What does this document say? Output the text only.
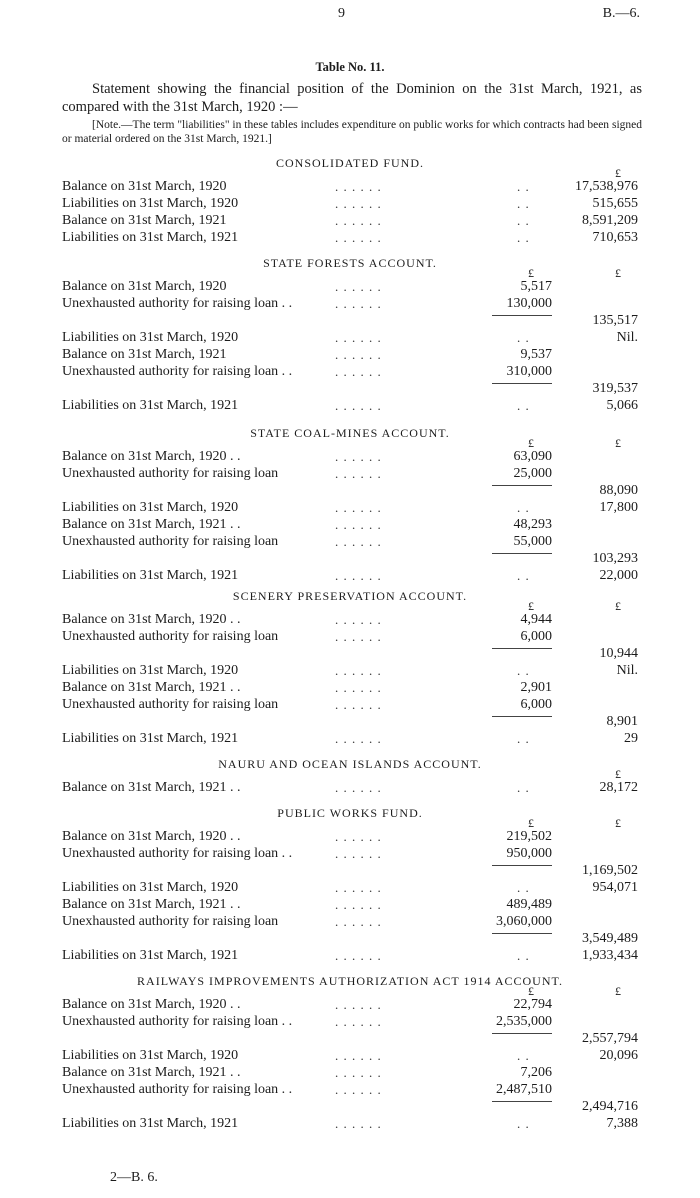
9	B.—6.
Table No. 11.
Statement showing the financial position of the Dominion on the 31st March, 1921, as compared with the 31st March, 1920 :—
[Note.—The term "liabilities" in these tables includes expenditure on public works for which contracts had been signed or material ordered on the 31st March, 1921.]
CONSOLIDATED FUND.
£
Balance on 31st March, 1920	. . . . . .	. .	17,538,976
Liabilities on 31st March, 1920	. . . . . .	. .	515,655
Balance on 31st March, 1921	. . . . . .	. .	8,591,209
Liabilities on 31st March, 1921	. . . . . .	. .	710,653
STATE FORESTS ACCOUNT.
£	£
Balance on 31st March, 1920	. . . . . .	5,517
Unexhausted authority for raising loan . .	. . . . . .	130,000
135,517
Liabilities on 31st March, 1920	. . . . . .	. .	Nil.
Balance on 31st March, 1921	. . . . . .	9,537
Unexhausted authority for raising loan . .	. . . . . .	310,000
319,537
Liabilities on 31st March, 1921	. . . . . .	. .	5,066
STATE COAL-MINES ACCOUNT.
£	£
Balance on 31st March, 1920 . .	. . . . . .	63,090
Unexhausted authority for raising loan	. . . . . .	25,000
88,090
Liabilities on 31st March, 1920	. . . . . .	. .	17,800
Balance on 31st March, 1921 . .	. . . . . .	48,293
Unexhausted authority for raising loan	. . . . . .	55,000
103,293
Liabilities on 31st March, 1921	. . . . . .	. .	22,000
SCENERY PRESERVATION ACCOUNT.
£	£
Balance on 31st March, 1920 . .	. . . . . .	4,944
Unexhausted authority for raising loan	. . . . . .	6,000
10,944
Liabilities on 31st March, 1920	. . . . . .	. .	Nil.
Balance on 31st March, 1921 . .	. . . . . .	2,901
Unexhausted authority for raising loan	. . . . . .	6,000
8,901
Liabilities on 31st March, 1921	. . . . . .	. .	29
NAURU AND OCEAN ISLANDS ACCOUNT.
£
Balance on 31st March, 1921 . .	. . . . . .	. .	28,172
PUBLIC WORKS FUND.
£	£
Balance on 31st March, 1920 . .	. . . . . .	219,502
Unexhausted authority for raising loan . .	. . . . . .	950,000
1,169,502
Liabilities on 31st March, 1920	. . . . . .	. .	954,071
Balance on 31st March, 1921 . .	. . . . . .	489,489
Unexhausted authority for raising loan	. . . . . .	3,060,000
3,549,489
Liabilities on 31st March, 1921	. . . . . .	. .	1,933,434
RAILWAYS IMPROVEMENTS AUTHORIZATION ACT 1914 ACCOUNT.
£	£
Balance on 31st March, 1920 . .	. . . . . .	22,794
Unexhausted authority for raising loan . .	. . . . . .	2,535,000
2,557,794
Liabilities on 31st March, 1920	. . . . . .	. .	20,096
Balance on 31st March, 1921 . .	. . . . . .	7,206
Unexhausted authority for raising loan . .	. . . . . .	2,487,510
2,494,716
Liabilities on 31st March, 1921	. . . . . .	. .	7,388
2—B. 6.
